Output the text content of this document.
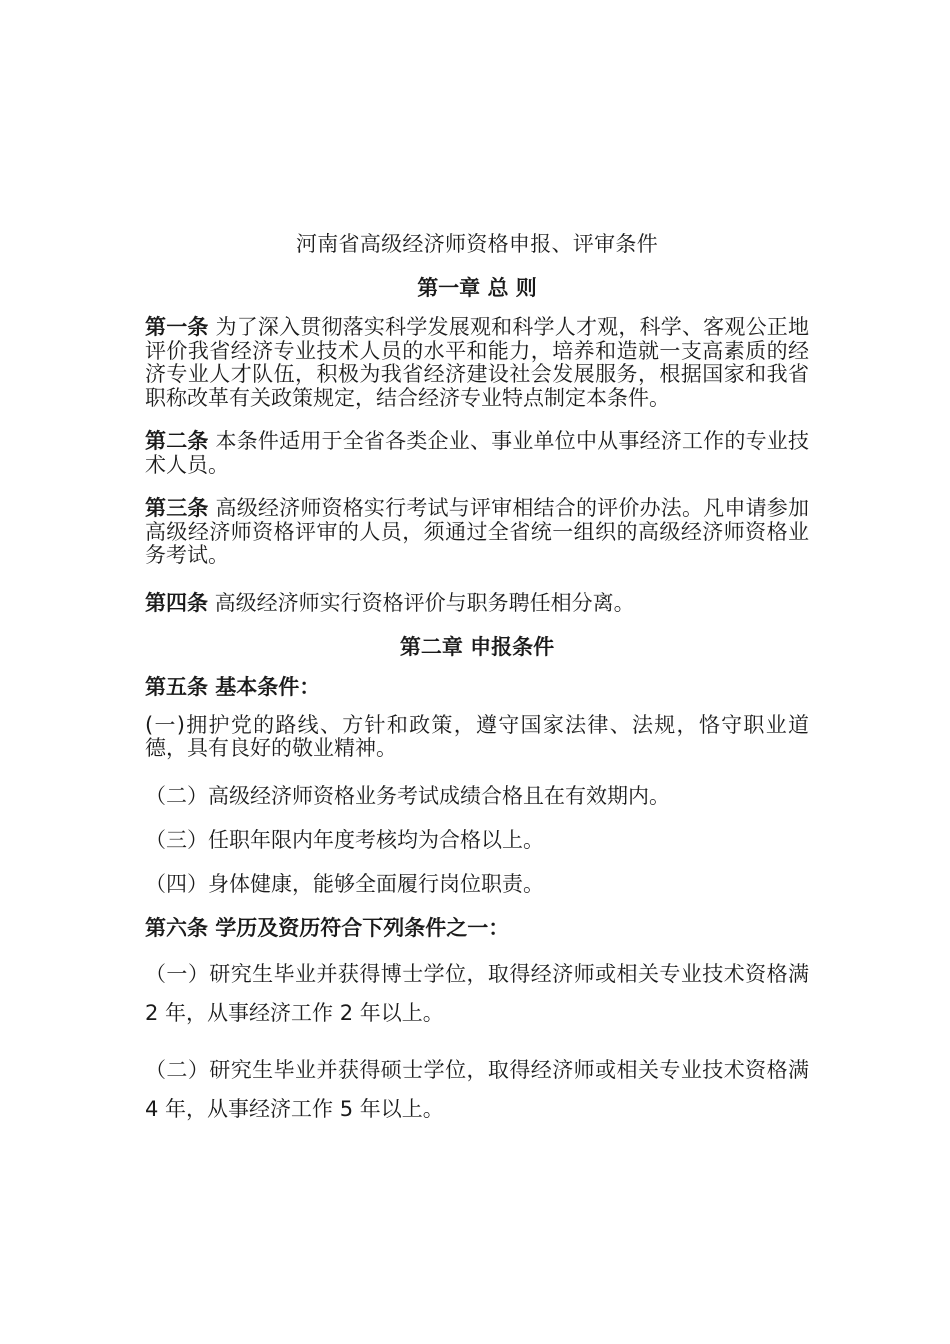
河南省高级经济师资格申报、评审条件
第一章 总 则

第一条 为了深入贯彻落实科学发展观和科学人才观，科学、客观公正地评价我省经济专业技术人员的水平和能力，培养和造就一支高素质的经济专业人才队伍，积极为我省经济建设社会发展服务，根据国家和我省职称改革有关政策规定，结合经济专业特点制定本条件。

第二条 本条件适用于全省各类企业、事业单位中从事经济工作的专业技术人员。

第三条 高级经济师资格实行考试与评审相结合的评价办法。凡申请参加高级经济师资格评审的人员，须通过全省统一组织的高级经济师资格业务考试。

第四条 高级经济师实行资格评价与职务聘任相分离。

第二章 申报条件

第五条 基本条件：

(一)拥护党的路线、方针和政策，遵守国家法律、法规，恪守职业道德，具有良好的敬业精神。

（二）高级经济师资格业务考试成绩合格且在有效期内。

（三）任职年限内年度考核均为合格以上。

（四）身体健康，能够全面履行岗位职责。

第六条 学历及资历符合下列条件之一：

（一）研究生毕业并获得博士学位，取得经济师或相关专业技术资格满 2 年，从事经济工作 2 年以上。

（二）研究生毕业并获得硕士学位，取得经济师或相关专业技术资格满 4 年，从事经济工作 5 年以上。
